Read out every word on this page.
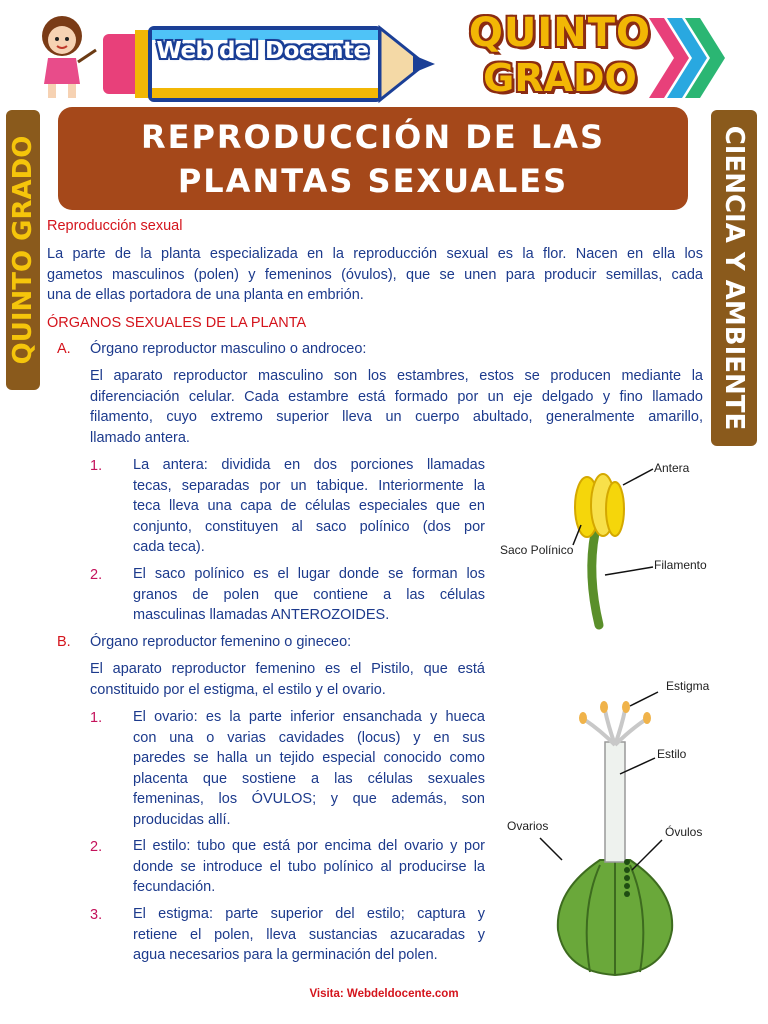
Web del Docente	QUINTO
GRADO
QUINTO GRADO	CIENCIA Y AMBIENTE
REPRODUCCIÓN DE LAS
PLANTAS SEXUALES
Reproducción sexual
La parte de la planta especializada en la reproducción sexual es la flor. Nacen en ella los
gametos masculinos (polen) y femeninos (óvulos), que se unen para producir semillas, cada
una de ellas portadora de una planta en embrión.
ÓRGANOS SEXUALES DE LA PLANTA
A. Órgano reproductor masculino o androceo:
El aparato reproductor masculino son los estambres, estos se producen mediante la
diferenciación celular. Cada estambre está formado por un eje delgado y fino llamado
filamento, cuyo extremo superior lleva un cuerpo abultado, generalmente amarillo,
llamado antera.
1. La antera: dividida en dos porciones llamadas
tecas, separadas por un tabique. Interiormente la
teca lleva una capa de células especiales que en
conjunto, constituyen al saco polínico (dos por
cada teca).
2. El saco polínico es el lugar donde se forman los
granos de polen que contiene a las células
masculinas llamadas ANTEROZOIDES.
Antera
Saco Polínico
Filamento
B. Órgano reproductor femenino o gineceo:
El aparato reproductor femenino es el Pistilo, que está
constituido por el estigma, el estilo y el ovario.
1. El ovario: es la parte inferior ensanchada y hueca
con una o varias cavidades (locus) y en sus
paredes se halla un tejido especial conocido como
placenta que sostiene a las células sexuales
femeninas, los ÓVULOS; y que además, son
producidas allí.
2. El estilo: tubo que está por encima del ovario y por
donde se introduce el tubo polínico al producirse la
fecundación.
3. El estigma: parte superior del estilo; captura y
retiene el polen, lleva sustancias azucaradas y
agua necesarios para la germinación del polen.
Estigma
Estilo
Ovarios	Óvulos
Visita: Webdeldocente.com
